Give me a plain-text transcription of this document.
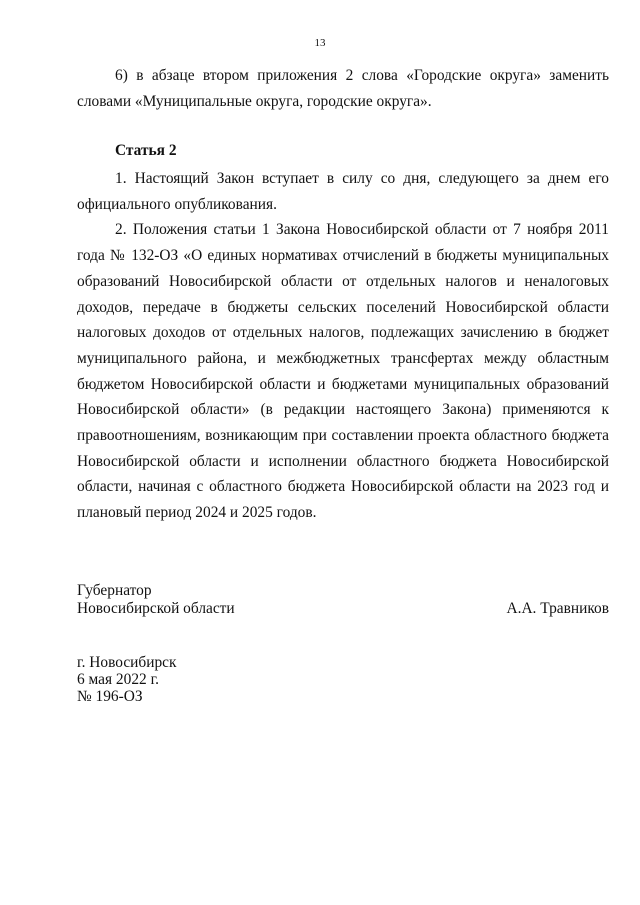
13

6) в абзаце втором приложения 2 слова «Городские округа» заменить словами «Муниципальные округа, городские округа».

Статья 2

1. Настоящий Закон вступает в силу со дня, следующего за днем его официального опубликования.

2. Положения статьи 1 Закона Новосибирской области от 7 ноября 2011 года № 132-ОЗ «О единых нормативах отчислений в бюджеты муниципальных образований Новосибирской области от отдельных налогов и неналоговых доходов, передаче в бюджеты сельских поселений Новосибирской области налоговых доходов от отдельных налогов, подлежащих зачислению в бюджет муниципального района, и межбюджетных трансфертах между областным бюджетом Новосибирской области и бюджетами муниципальных образований Новосибирской области» (в редакции настоящего Закона) применяются к правоотношениям, возникающим при составлении проекта областного бюджета Новосибирской области и исполнении областного бюджета Новосибирской области, начиная с областного бюджета Новосибирской области на 2023 год и плановый период 2024 и 2025 годов.

Губернатор

Новосибирской области	А.А. Травников

г. Новосибирск

6 мая 2022 г.

№ 196-ОЗ
